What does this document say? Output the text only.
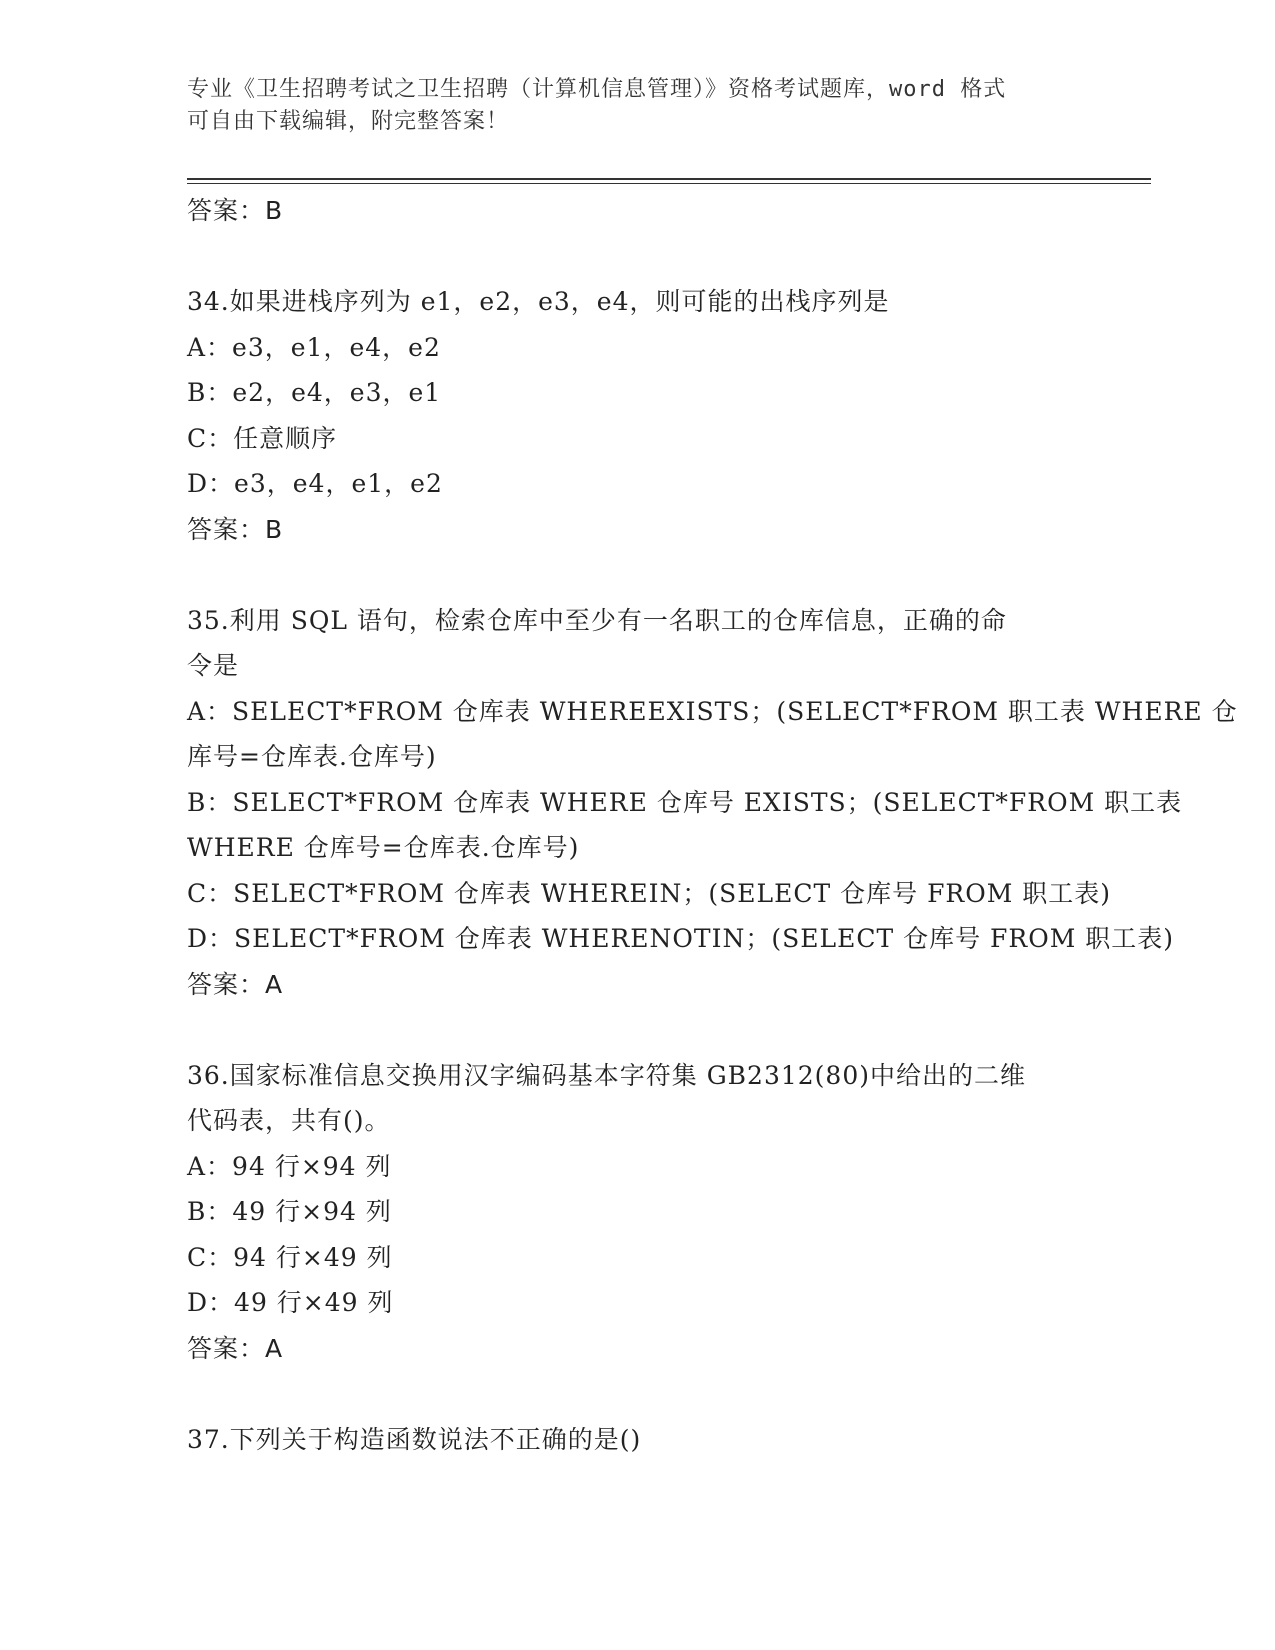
专业《卫生招聘考试之卫生招聘（计算机信息管理）》资格考试题库，word 格式
可自由下载编辑，附完整答案！
答案：B
34.如果进栈序列为 e1，e2，e3，e4，则可能的出栈序列是
A：e3，e1，e4，e2
B：e2，e4，e3，e1
C：任意顺序
D：e3，e4，e1，e2
答案：B
35.利用 SQL 语句，检索仓库中至少有一名职工的仓库信息，正确的命
令是
A：SELECT*FROM 仓库表 WHEREEXISTS；(SELECT*FROM 职工表 WHERE 仓
库号=仓库表.仓库号)
B：SELECT*FROM 仓库表 WHERE 仓库号 EXISTS；(SELECT*FROM 职工表
WHERE 仓库号=仓库表.仓库号)
C：SELECT*FROM 仓库表 WHEREIN；(SELECT 仓库号 FROM 职工表)
D：SELECT*FROM 仓库表 WHERENOTIN；(SELECT 仓库号 FROM 职工表)
答案：A
36.国家标准信息交换用汉字编码基本字符集 GB2312(80)中给出的二维
代码表，共有()。
A：94 行×94 列
B：49 行×94 列
C：94 行×49 列
D：49 行×49 列
答案：A
37.下列关于构造函数说法不正确的是()
